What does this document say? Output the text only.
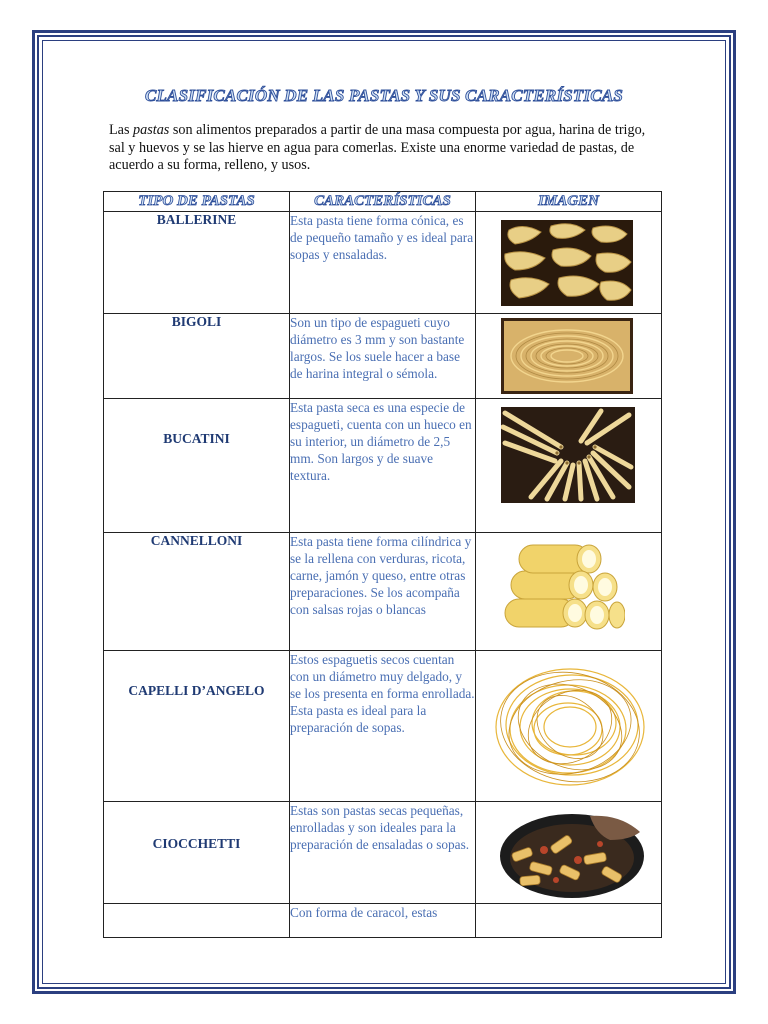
CLASIFICACIÓN DE LAS PASTAS Y SUS CARACTERÍSTICAS

Las pastas son alimentos preparados a partir de una masa compuesta por agua, harina de trigo, sal y huevos y se las hierve en agua para comerlas. Existe una enorme variedad de pastas, de acuerdo a su forma, relleno, y usos.

TIPO DE PASTAS	CARACTERÍSTICAS	IMAGEN
BALLERINE	Esta pasta tiene forma cónica, es de pequeño tamaño y es ideal para sopas y ensaladas.	

BIGOLI	Son un tipo de espagueti cuyo diámetro es 3 mm y son bastante largos. Se los suele hacer a base de harina integral o sémola.	

BUCATINI	Esta pasta seca es una especie de espagueti, cuenta con un hueco en su interior, un diámetro de 2,5 mm. Son largos y de suave textura.	

CANNELLONI	Esta pasta tiene forma cilíndrica y se la rellena con verduras, ricota, carne, jamón y queso, entre otras preparaciones. Se los acompaña con salsas rojas o blancas	

CAPELLI D’ANGELO	Estos espaguetis secos cuentan con un diámetro muy delgado, y se los presenta en forma enrollada. Esta pasta es ideal para la preparación de sopas.	

CIOCCHETTI	Estas son pastas secas pequeñas, enrolladas y son ideales para la preparación de ensaladas o sopas.	

	Con forma de caracol, estas	
